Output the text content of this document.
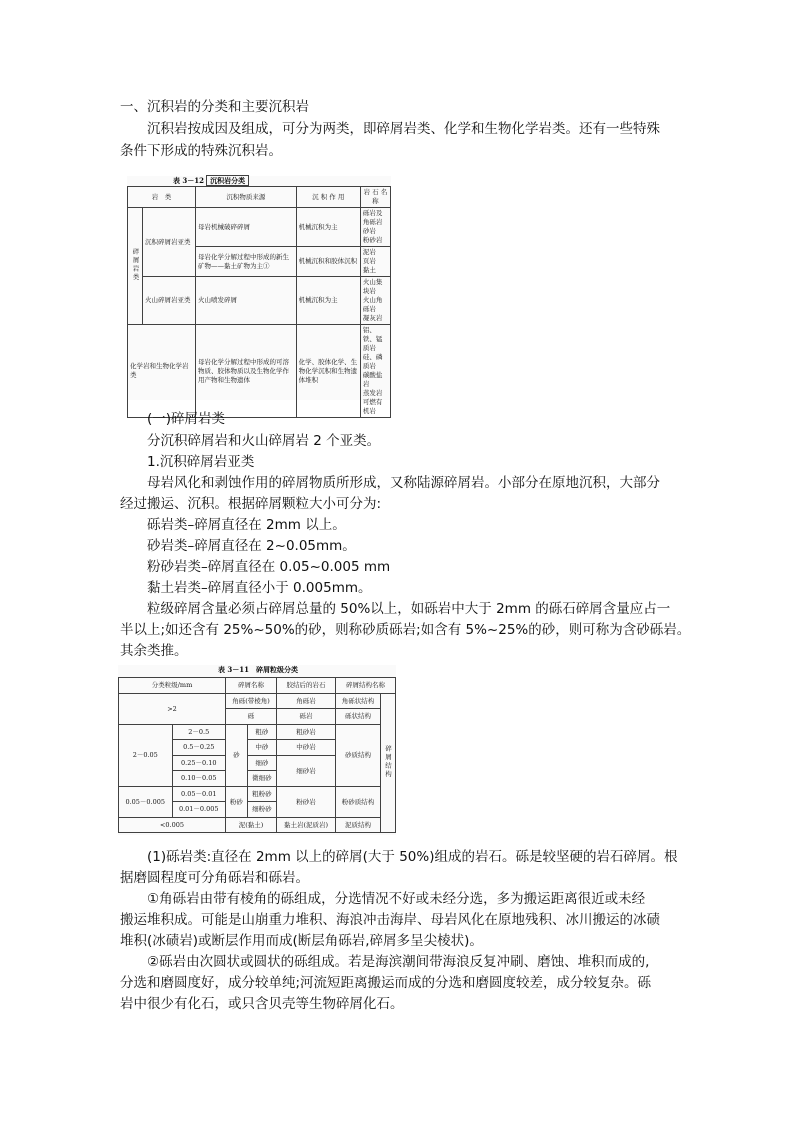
一、沉积岩的分类和主要沉积岩
沉积岩按成因及组成，可分为两类，即碎屑岩类、化学和生物化学岩类。还有一些特殊
条件下形成的特殊沉积岩。
表 3－12 沉积岩分类
岩　类		沉积物质来源	沉 积 作 用	岩 石 名 称
碎屑岩类	沉积碎屑岩亚类	母岩机械破碎碎屑	机械沉积为主	砾岩及角砾岩
砂岩
粉砂岩

		母岩化学分解过程中形成的新生矿物——黏土矿物为主①	机械沉积和胶体沉积	泥岩
页岩
黏土

	火山碎屑岩亚类	火山喷发碎屑	机械沉积为主	火山集块岩
火山角砾岩
凝灰岩

化学岩和生物化学岩类		母岩化学分解过程中形成的可溶物质、胶体物质以及生物化学作用产物和生物遗体	化学、胶体化学、生物化学沉积和生物遗体堆积	铝、铁、锰质岩
硅、磷质岩
碳酸盐岩
蒸发岩
可燃有机岩
(一)碎屑岩类
分沉积碎屑岩和火山碎屑岩 2 个亚类。
1.沉积碎屑岩亚类
母岩风化和剥蚀作用的碎屑物质所形成，又称陆源碎屑岩。小部分在原地沉积，大部分
经过搬运、沉积。根据碎屑颗粒大小可分为:
砾岩类–碎屑直径在 2mm 以上。
砂岩类–碎屑直径在 2~0.05mm。
粉砂岩类–碎屑直径在 0.05~0.005 mm
黏土岩类–碎屑直径小于 0.005mm。
粒级碎屑含量必须占碎屑总量的 50%以上，如砾岩中大于 2mm 的砾石碎屑含量应占一
半以上;如还含有 25%~50%的砂，则称砂质砾岩;如含有 5%~25%的砂，则可称为含砂砾岩。
其余类推。
表 3－11　碎屑粒级分类
分类粒级/mm		碎屑名称		胶结后的岩石	碎屑结构名称	
>2		角砾(带棱角)		角砾岩	角砾状结构	碎屑结构
		砾		砾岩	砾状结构	
2－0.05	2－0.5	砂	粗砂	粗砂岩	砂质结构	
	0.5－0.25		中砂	中砂岩		
	0.25－0.10		细砂	细砂岩		
	0.10－0.05		微细砂			
0.05－0.005	0.05－0.01	粉砂	粗粉砂	粉砂岩	粉砂质结构	
	0.01－0.005		细粉砂			
<0.005		泥(黏土)		黏土岩(泥质岩)	泥质结构	
(1)砾岩类:直径在 2mm 以上的碎屑(大于 50%)组成的岩石。砾是较坚硬的岩石碎屑。根
据磨圆程度可分角砾岩和砾岩。
①角砾岩由带有棱角的砾组成，分选情况不好或未经分选，多为搬运距离很近或未经
搬运堆积成。可能是山崩重力堆积、海浪冲击海岸、母岩风化在原地残积、冰川搬运的冰碛
堆积(冰碛岩)或断层作用而成(断层角砾岩,碎屑多呈尖棱状)。
②砾岩由次圆状或圆状的砾组成。若是海滨潮间带海浪反复冲刷、磨蚀、堆积而成的,
分选和磨圆度好，成分较单纯;河流短距离搬运而成的分选和磨圆度较差，成分较复杂。砾
岩中很少有化石，或只含贝壳等生物碎屑化石。
